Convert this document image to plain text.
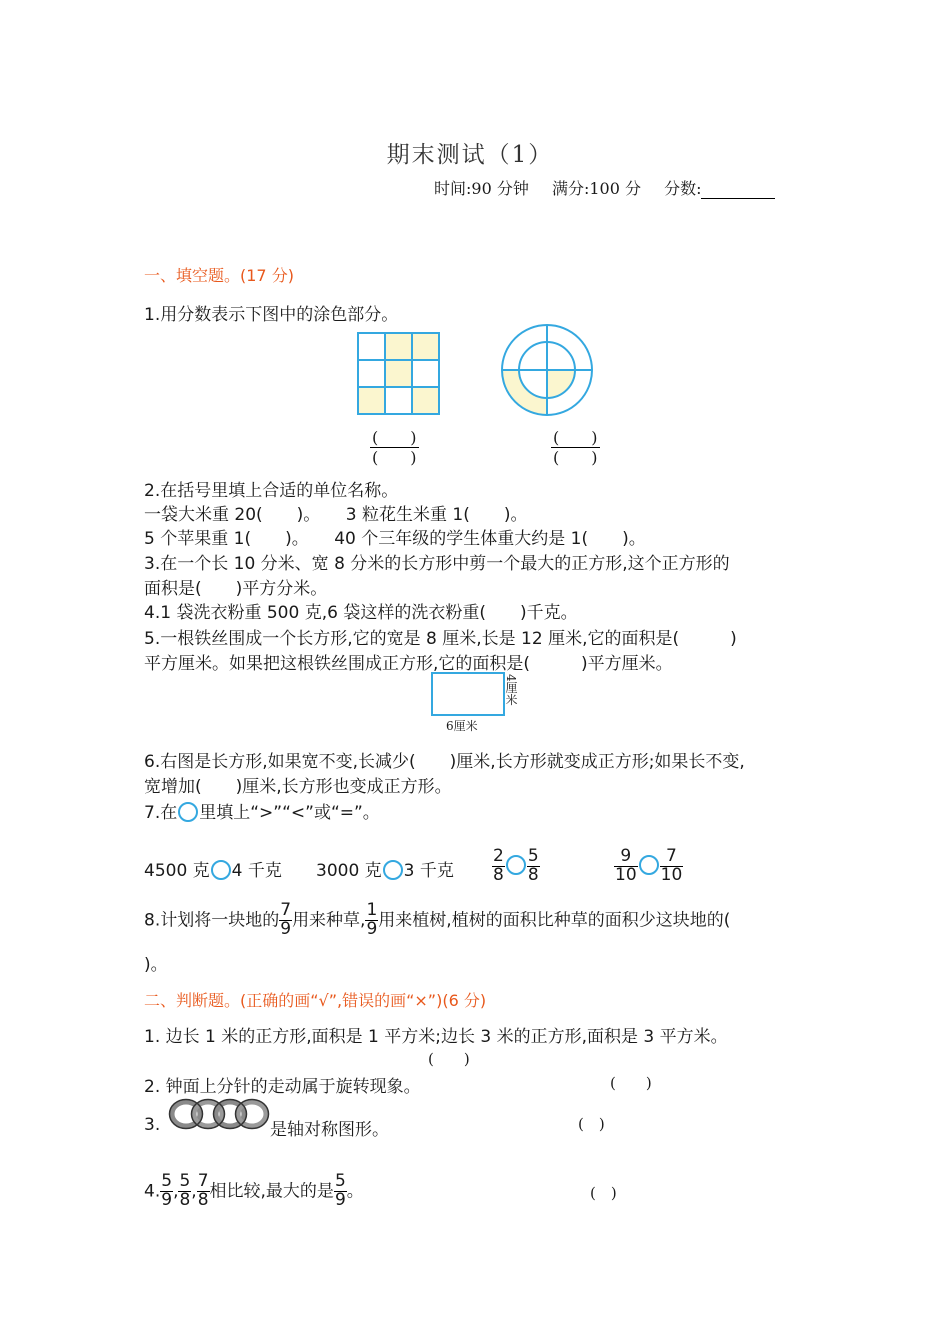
期末测试（1）
时间:90 分钟 满分:100 分 分数:
一、填空题。(17 分)
1.用分数表示下图中的涂色部分。
(　　)
(　　)
(　　)
(　　)
2.在括号里填上合适的单位名称。
一袋大米重 20(　　)。　　3 粒花生米重 1(　　)。
5 个苹果重 1(　　)。　　40 个三年级的学生体重大约是 1(　　)。
3.在一个长 10 分米、宽 8 分米的长方形中剪一个最大的正方形,这个正方形的
面积是(　　)平方分米。
4.1 袋洗衣粉重 500 克,6 袋这样的洗衣粉重(　　)千克。
5.一根铁丝围成一个长方形,它的宽是 8 厘米,长是 12 厘米,它的面积是(　　　)
平方厘米。如果把这根铁丝围成正方形,它的面积是(　　　)平方厘米。
4厘米
6厘米
6.右图是长方形,如果宽不变,长减少(　　)厘米,长方形就变成正方形;如果长不变,
宽增加(　　)厘米,长方形也变成正方形。
7.在 里填上“>”“<”或“=”。
4500 克 4 千克 3000 克 3 千克 $\frac{2}{8} \frac{5}{8}$	$\frac{9}{10} \frac{7}{10}$
8.计划将一块地的 $\frac{7}{9}$ 用来种草, $\frac{1}{9}$ 用来植树,植树的面积比种草的面积少这块地的(
)。
二、判断题。(正确的画“√”,错误的画“×”)(6 分)
1. 边长 1 米的正方形,面积是 1 平方米;边长 3 米的正方形,面积是 3 平方米。
(　　)
2. 钟面上分针的走动属于旋转现象。	(　　)
3.	是轴对称图形。	(　)
4. $\frac{5}{9}$ , $\frac{5}{8}$ , $\frac{7}{8}$ 相比较,最大的是 $\frac{5}{9}$ 。	(　)
